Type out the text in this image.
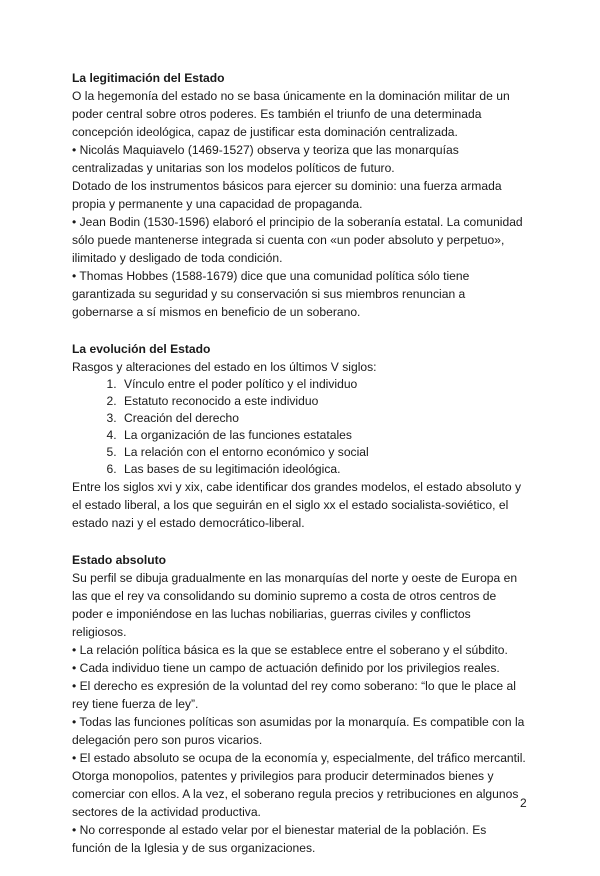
La legitimación del Estado

O la hegemonía del estado no se basa únicamente en la dominación militar de un poder central sobre otros poderes. Es también el triunfo de una determinada concepción ideológica, capaz de justificar esta dominación centralizada.

• Nicolás Maquiavelo (1469-1527) observa y teoriza que las monarquías centralizadas y unitarias son los modelos políticos de futuro.

Dotado de los instrumentos básicos para ejercer su dominio: una fuerza armada propia y permanente y una capacidad de propaganda.

• Jean Bodin (1530-1596) elaboró el principio de la soberanía estatal. La comunidad sólo puede mantenerse integrada si cuenta con «un poder absoluto y perpetuo», ilimitado y desligado de toda condición.

• Thomas Hobbes (1588-1679) dice que una comunidad política sólo tiene garantizada su seguridad y su conservación si sus miembros renuncian a gobernarse a sí mismos en beneficio de un soberano.

La evolución del Estado

Rasgos y alteraciones del estado en los últimos V siglos:

1. Vínculo entre el poder político y el individuo
2. Estatuto reconocido a este individuo
3. Creación del derecho
4. La organización de las funciones estatales
5. La relación con el entorno económico y social
6. Las bases de su legitimación ideológica.

Entre los siglos xvi y xix, cabe identificar dos grandes modelos, el estado absoluto y el estado liberal, a los que seguirán en el siglo xx el estado socialista-soviético, el estado nazi y el estado democrático-liberal.

Estado absoluto

Su perfil se dibuja gradualmente en las monarquías del norte y oeste de Europa en las que el rey va consolidando su dominio supremo a costa de otros centros de poder e imponiéndose en las luchas nobiliarias, guerras civiles y conflictos religiosos.

• La relación política básica es la que se establece entre el soberano y el súbdito.

• Cada individuo tiene un campo de actuación definido por los privilegios reales.

• El derecho es expresión de la voluntad del rey como soberano: “lo que le place al rey tiene fuerza de ley”.

• Todas las funciones políticas son asumidas por la monarquía. Es compatible con la delegación pero son puros vicarios.

• El estado absoluto se ocupa de la economía y, especialmente, del tráfico mercantil. Otorga monopolios, patentes y privilegios para producir determinados bienes y comerciar con ellos. A la vez, el soberano regula precios y retribuciones en algunos sectores de la actividad productiva.

• No corresponde al estado velar por el bienestar material de la población. Es función de la Iglesia y de sus organizaciones.

2
